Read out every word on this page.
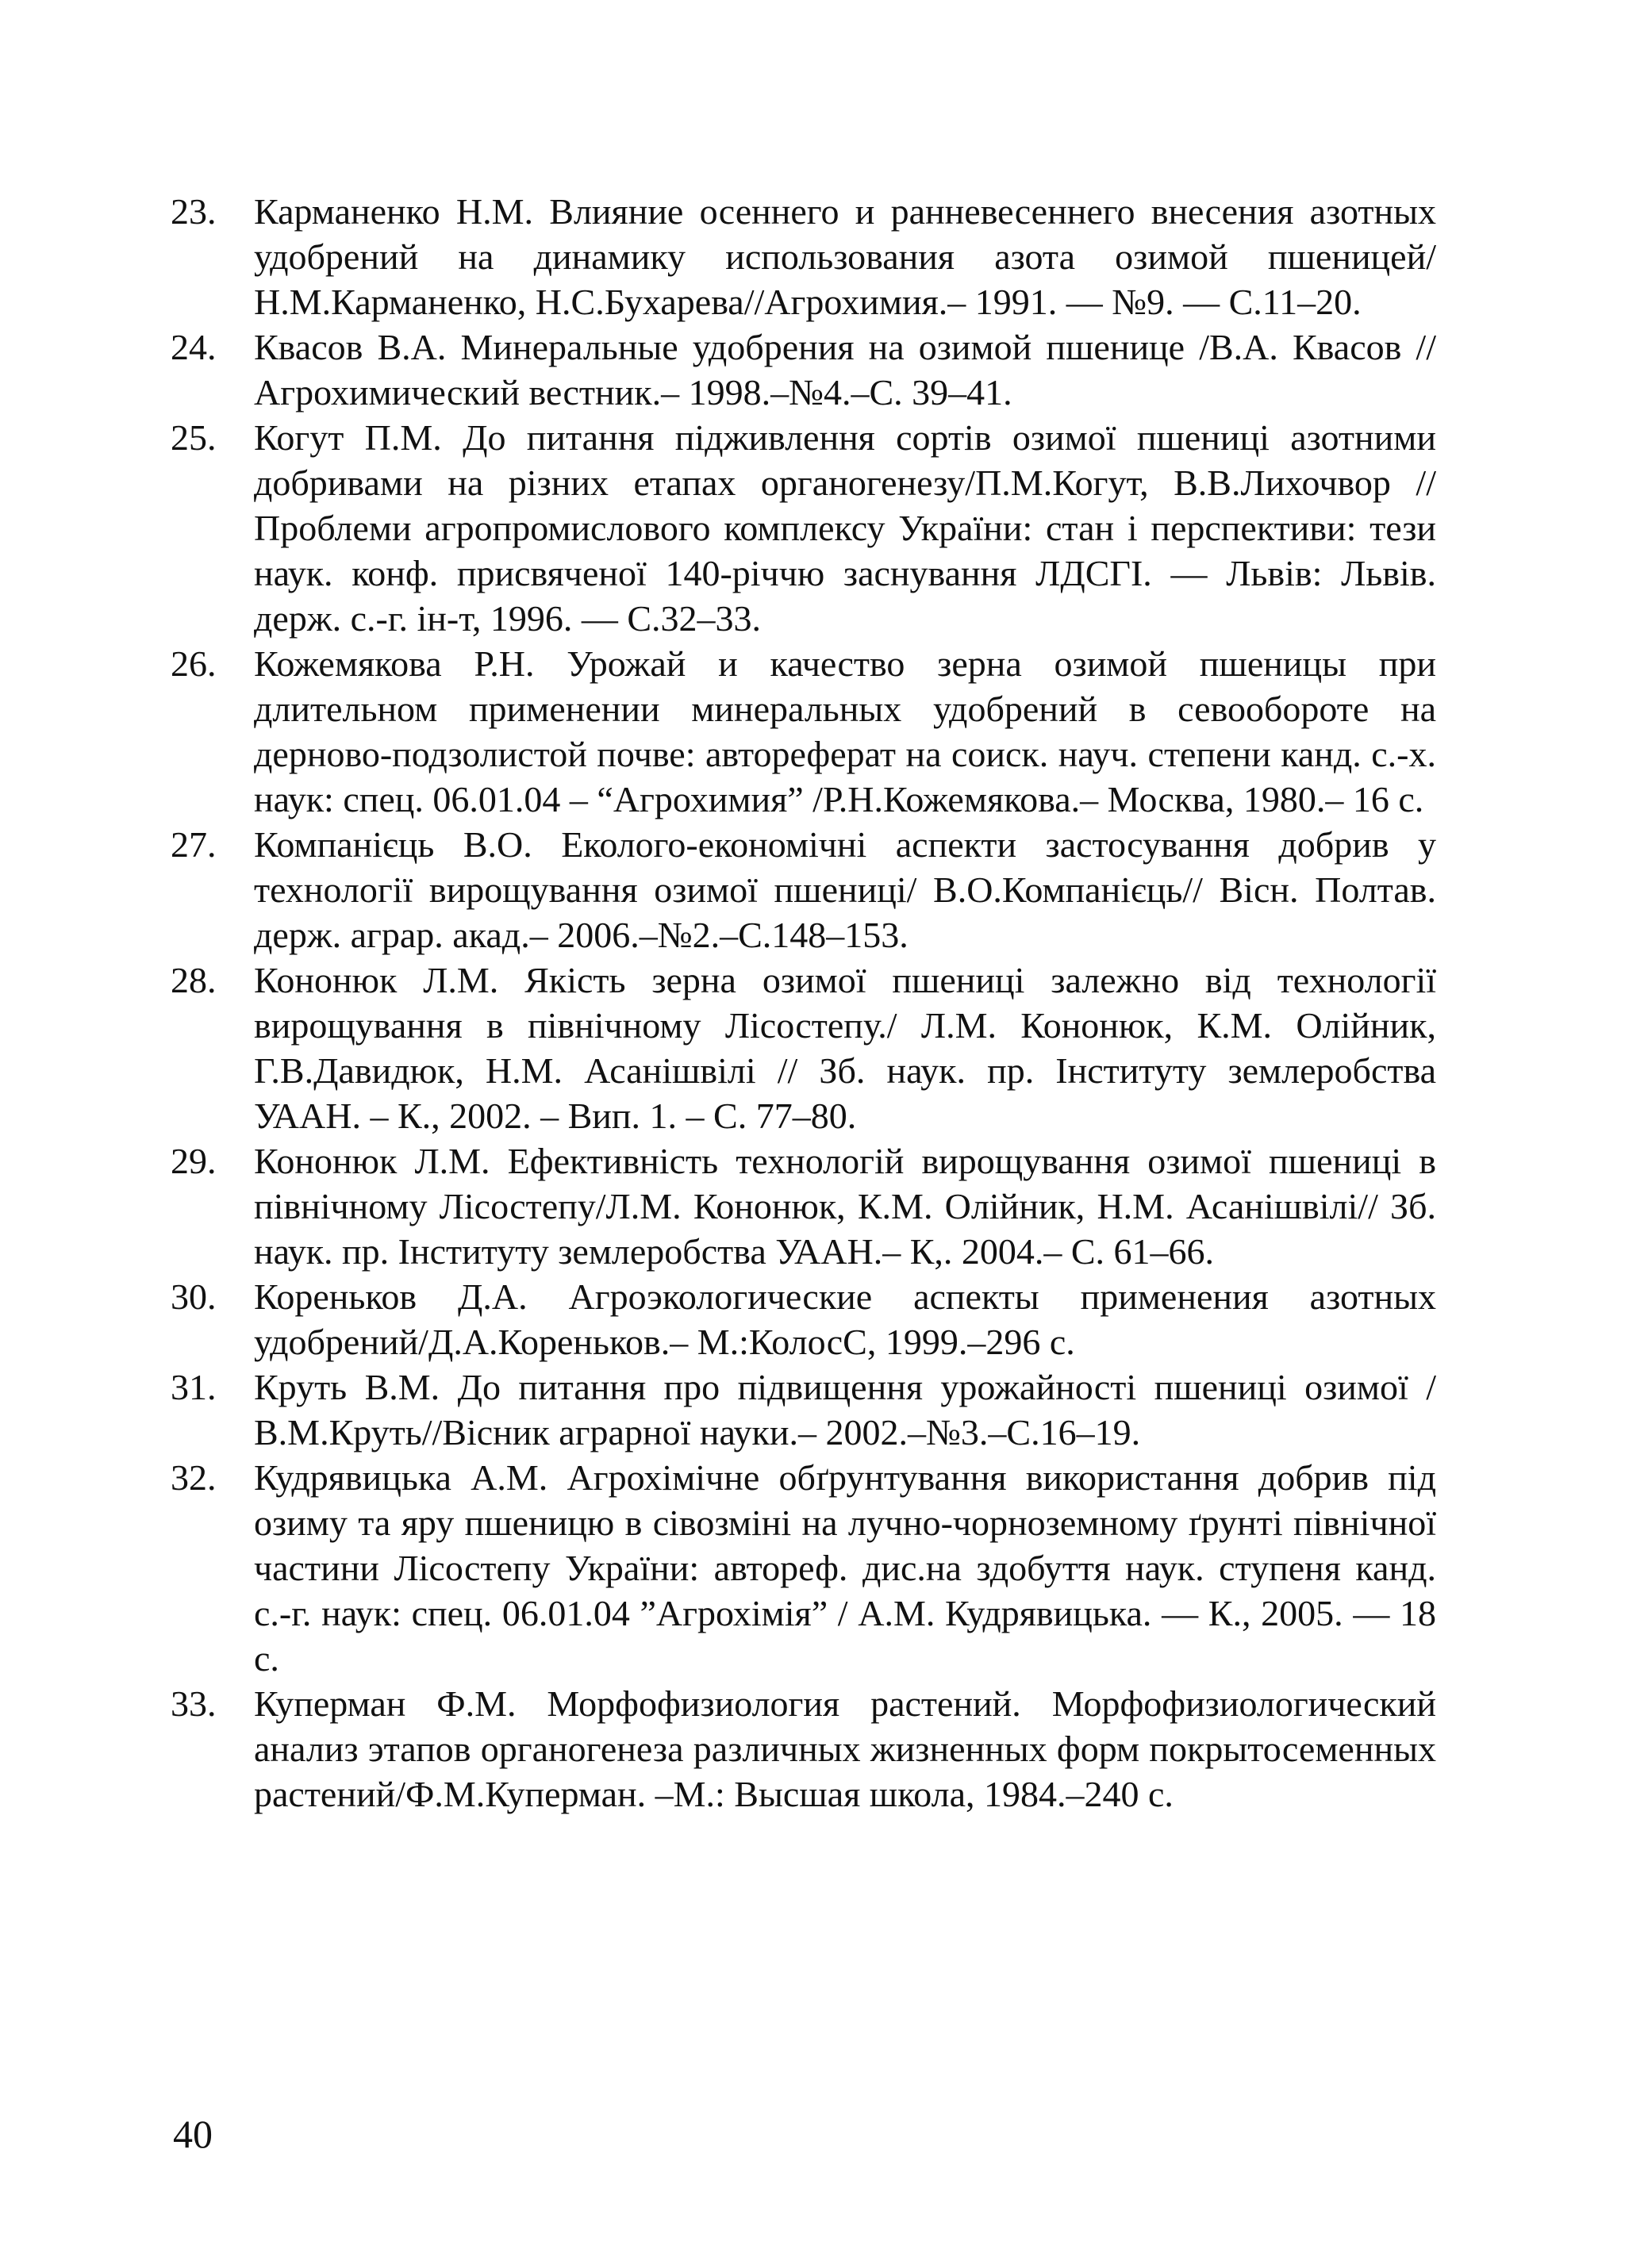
23.	Карманенко Н.М. Влияние осеннего и ранневесеннего внесения азотных удобрений на динамику использования азота озимой пшеницей/Н.М.Карманенко, Н.С.Бухарева//Агрохимия.– 1991. — №9. — С.11–20.
24.	Квасов В.А. Минеральные удобрения на озимой пшенице /В.А. Квасов //Агрохимический вестник.– 1998.–№4.–С. 39–41.
25.	Когут П.М. До питання підживлення сортів озимої пшениці азотними добривами на різних етапах органогенезу/П.М.Когут, В.В.Лихочвор // Проблеми агропромислового комплексу України: стан і перспективи: тези наук. конф. присвяченої 140-річчю заснування ЛДСГІ. — Львів: Львів. держ. с.-г. ін-т, 1996. — С.32–33.
26.	Кожемякова Р.Н. Урожай и качество зерна озимой пшеницы при длительном применении минеральных удобрений в севообороте на дерново-подзолистой почве: автореферат на соиск. науч. степени канд. с.-х. наук: спец. 06.01.04 – “Агрохимия” /Р.Н.Кожемякова.– Москва, 1980.– 16 с.
27.	Компанієць В.О. Еколого-економічні аспекти застосування добрив у технології вирощування озимої пшениці/ В.О.Компанієць// Вісн. Полтав. держ. аграр. акад.– 2006.–№2.–С.148–153.
28.	Кононюк Л.М. Якість зерна озимої пшениці залежно від технології вирощування в північному Лісостепу./ Л.М. Кононюк, К.М. Олійник, Г.В.Давидюк, Н.М. Асанішвілі // Зб. наук. пр. Інституту землеробства УААН. – К., 2002. – Вип. 1. – С. 77–80.
29.	Кононюк Л.М. Ефективність технологій вирощування озимої пшениці в північному Лісостепу/Л.М. Кононюк, К.М. Олійник, Н.М. Асанішвілі// Зб. наук. пр. Інституту землеробства УААН.– К,. 2004.– С. 61–66.
30.	Кореньков Д.А. Агроэкологические аспекты применения азотных удобрений/Д.А.Кореньков.– М.:КолосС, 1999.–296 с.
31.	Круть В.М. До питання про підвищення урожайності пшениці озимої /В.М.Круть//Вісник аграрної науки.– 2002.–№3.–С.16–19.
32.	Кудрявицька А.М. Агрохімічне обґрунтування використання добрив під озиму та яру пшеницю в сівозміні на лучно-чорноземному ґрунті північної частини Лісостепу України: автореф. дис.на здобуття наук. ступеня канд. с.-г. наук: спец. 06.01.04 ”Агрохімія” / А.М. Кудрявицька. — К., 2005. — 18 с.
33.	Куперман Ф.М. Морфофизиология растений. Морфофизиологический анализ этапов органогенеза различных жизненных форм покрытосеменных растений/Ф.М.Куперман. –М.: Высшая школа, 1984.–240 с.
40
